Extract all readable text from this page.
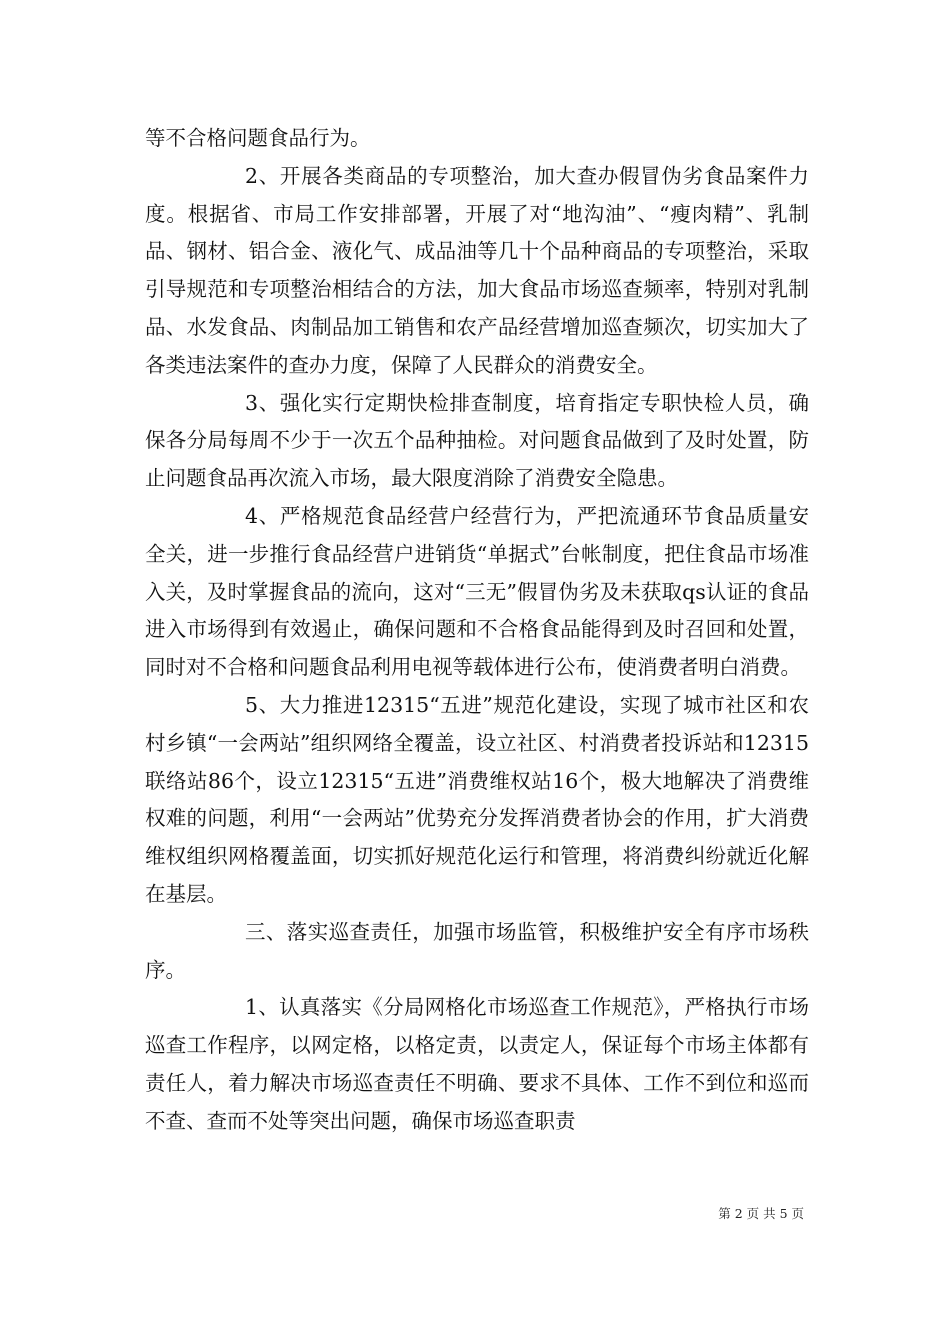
等不合格问题食品行为。

2、开展各类商品的专项整治，加大查办假冒伪劣食品案件力度。根据省、市局工作安排部署，开展了对“地沟油”、“瘦肉精”、乳制品、钢材、铝合金、液化气、成品油等几十个品种商品的专项整治，采取引导规范和专项整治相结合的方法，加大食品市场巡查频率，特别对乳制品、水发食品、肉制品加工销售和农产品经营增加巡查频次，切实加大了各类违法案件的查办力度，保障了人民群众的消费安全。

3、强化实行定期快检排查制度，培育指定专职快检人员，确保各分局每周不少于一次五个品种抽检。对问题食品做到了及时处置，防止问题食品再次流入市场，最大限度消除了消费安全隐患。

4、严格规范食品经营户经营行为，严把流通环节食品质量安全关，进一步推行食品经营户进销货“单据式”台帐制度，把住食品市场准入关，及时掌握食品的流向，这对“三无”假冒伪劣及未获取qs认证的食品进入市场得到有效遏止，确保问题和不合格食品能得到及时召回和处置，同时对不合格和问题食品利用电视等载体进行公布，使消费者明白消费。

5、大力推进12315“五进”规范化建设，实现了城市社区和农村乡镇“一会两站”组织网络全覆盖，设立社区、村消费者投诉站和12315联络站86个，设立12315“五进”消费维权站16个，极大地解决了消费维权难的问题，利用“一会两站”优势充分发挥消费者协会的作用，扩大消费维权组织网格覆盖面，切实抓好规范化运行和管理，将消费纠纷就近化解在基层。

三、落实巡查责任，加强市场监管，积极维护安全有序市场秩序。

1、认真落实《分局网格化市场巡查工作规范》，严格执行市场巡查工作程序，以网定格，以格定责，以责定人，保证每个市场主体都有责任人，着力解决市场巡查责任不明确、要求不具体、工作不到位和巡而不查、查而不处等突出问题，确保市场巡查职责

第 2 页 共 5 页
